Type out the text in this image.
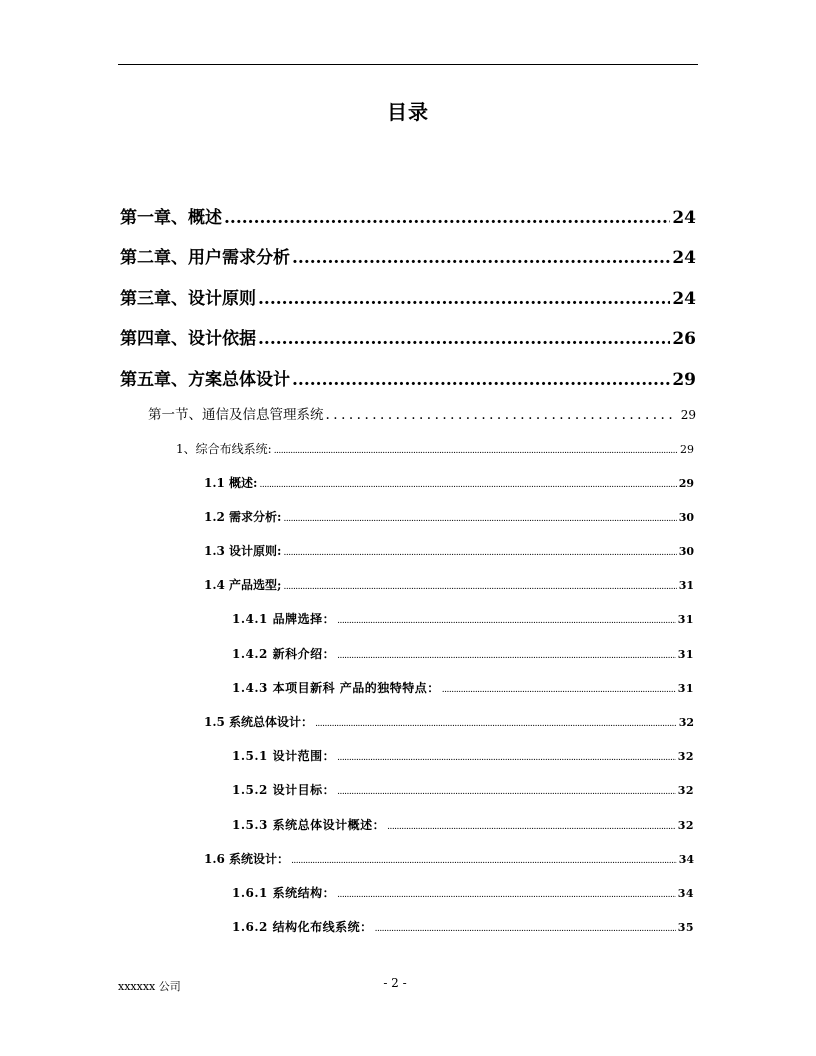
目录
第一章、概述 .....	24
第二章、用户需求分析 .....	24
第三章、设计原则 .....	24
第四章、设计依据 .....	26
第五章、方案总体设计 .....	29
第一节、通信及信息管理系统 .....	29
1、综合布线系统: .....	29
1.1 概述: .....	29
1.2 需求分析: .....	30
1.3 设计原则: .....	30
1.4 产品选型; .....	31
1.4.1 品牌选择： .....	31
1.4.2 新科介绍： .....	31
1.4.3 本项目新科 产品的独特特点： .....	31
1.5 系统总体设计： .....	32
1.5.1 设计范围： .....	32
1.5.2 设计目标： .....	32
1.5.3 系统总体设计概述： .....	32
1.6 系统设计： .....	34
1.6.1 系统结构： .....	34
1.6.2 结构化布线系统： .....	35
xxxxxx 公司	- 2 -
